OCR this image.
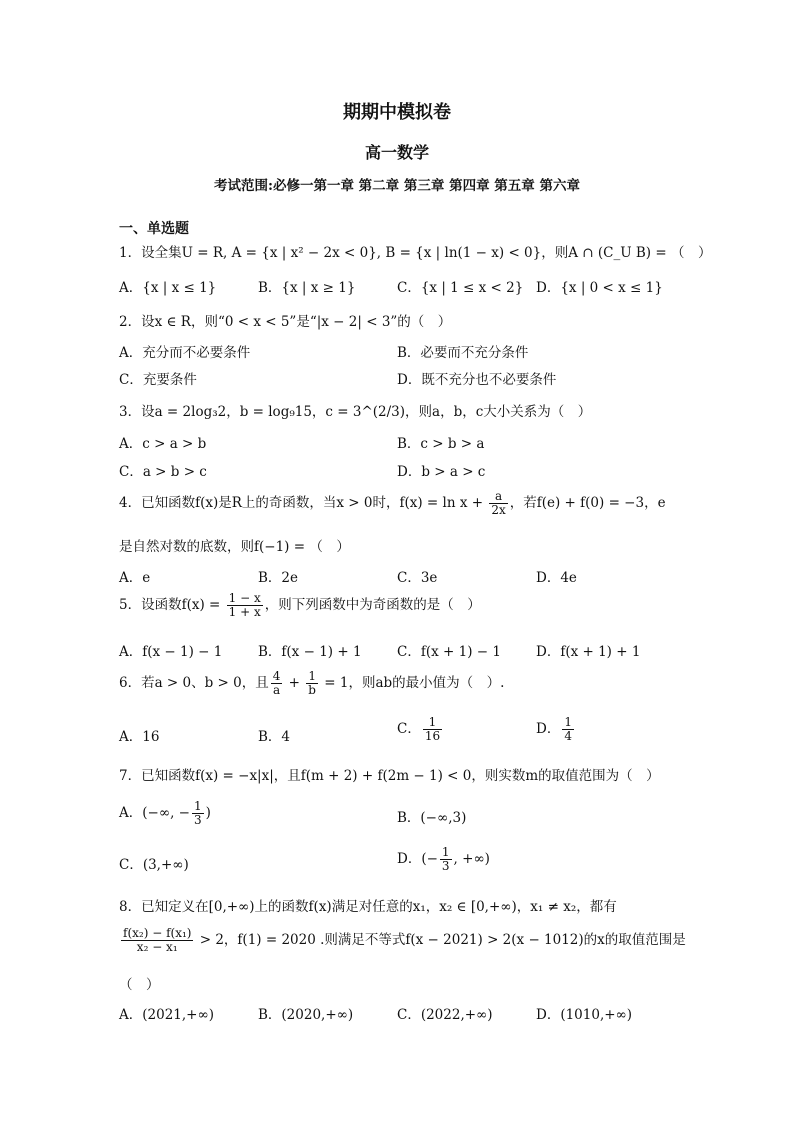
期期中模拟卷
高一数学
考试范围:必修一第一章 第二章 第三章 第四章 第五章 第六章
一、单选题
1．设全集U = R, A = {x | x² − 2x < 0}, B = {x | ln(1 − x) < 0}，则A ∩ (C_U B) = （　）
A．{x | x ≤ 1}	B．{x | x ≥ 1}	C．{x | 1 ≤ x < 2} D．{x | 0 < x ≤ 1}
2．设x ∈ R，则“0 < x < 5”是“|x − 2| < 3”的（　）
A．充分而不必要条件	B．必要而不充分条件
C．充要条件	D．既不充分也不必要条件
3．设a = 2log₃2，b = log₉15，c = 3^(2/3)，则a，b，c大小关系为（　）
A．c > a > b	B．c > b > a
C．a > b > c	D．b > a > c
4．已知函数f(x)是R上的奇函数，当x > 0时，$f(x) = \ln x + \frac{a}{2x}$ ，若f(e) + f(0) = −3，e
是自然对数的底数，则f(−1) = （　）
A．e	B．2e	C．3e	D．4e
5．设函数$f(x) = \frac{1 - x}{1 + x}$ ，则下列函数中为奇函数的是（　）
A．f(x − 1) − 1	B．f(x − 1) + 1	C．f(x + 1) − 1	D．f(x + 1) + 1
6．若a > 0、b > 0，且 $\frac{4}{a} + \frac{1}{b} = 1$，则ab的最小值为（　）.
A．16	B．4	C． $\frac{1}{16}$	D． $\frac{1}{4}$
7．已知函数f(x) = −x|x|，且f(m + 2) + f(2m − 1) < 0，则实数m的取值范围为（　）
A．(−∞, − $\frac{1}{3}$ )	B．(−∞,3)
C．(3,+∞)	D．(− $\frac{1}{3}$ , +∞)
8．已知定义在[0,+∞)上的函数f(x)满足对任意的x₁，x₂ ∈ [0,+∞)，x₁ ≠ x₂，都有
$\frac{\text{f(x₂) − f(x₁)}}{\text{x₂ − x₁}} > 2$，f(1) = 2020 .则满足不等式f(x − 2021) > 2(x − 1012)的x的取值范围是
（　）
A．(2021,+∞)	B．(2020,+∞)	C．(2022,+∞)	D．(1010,+∞)
